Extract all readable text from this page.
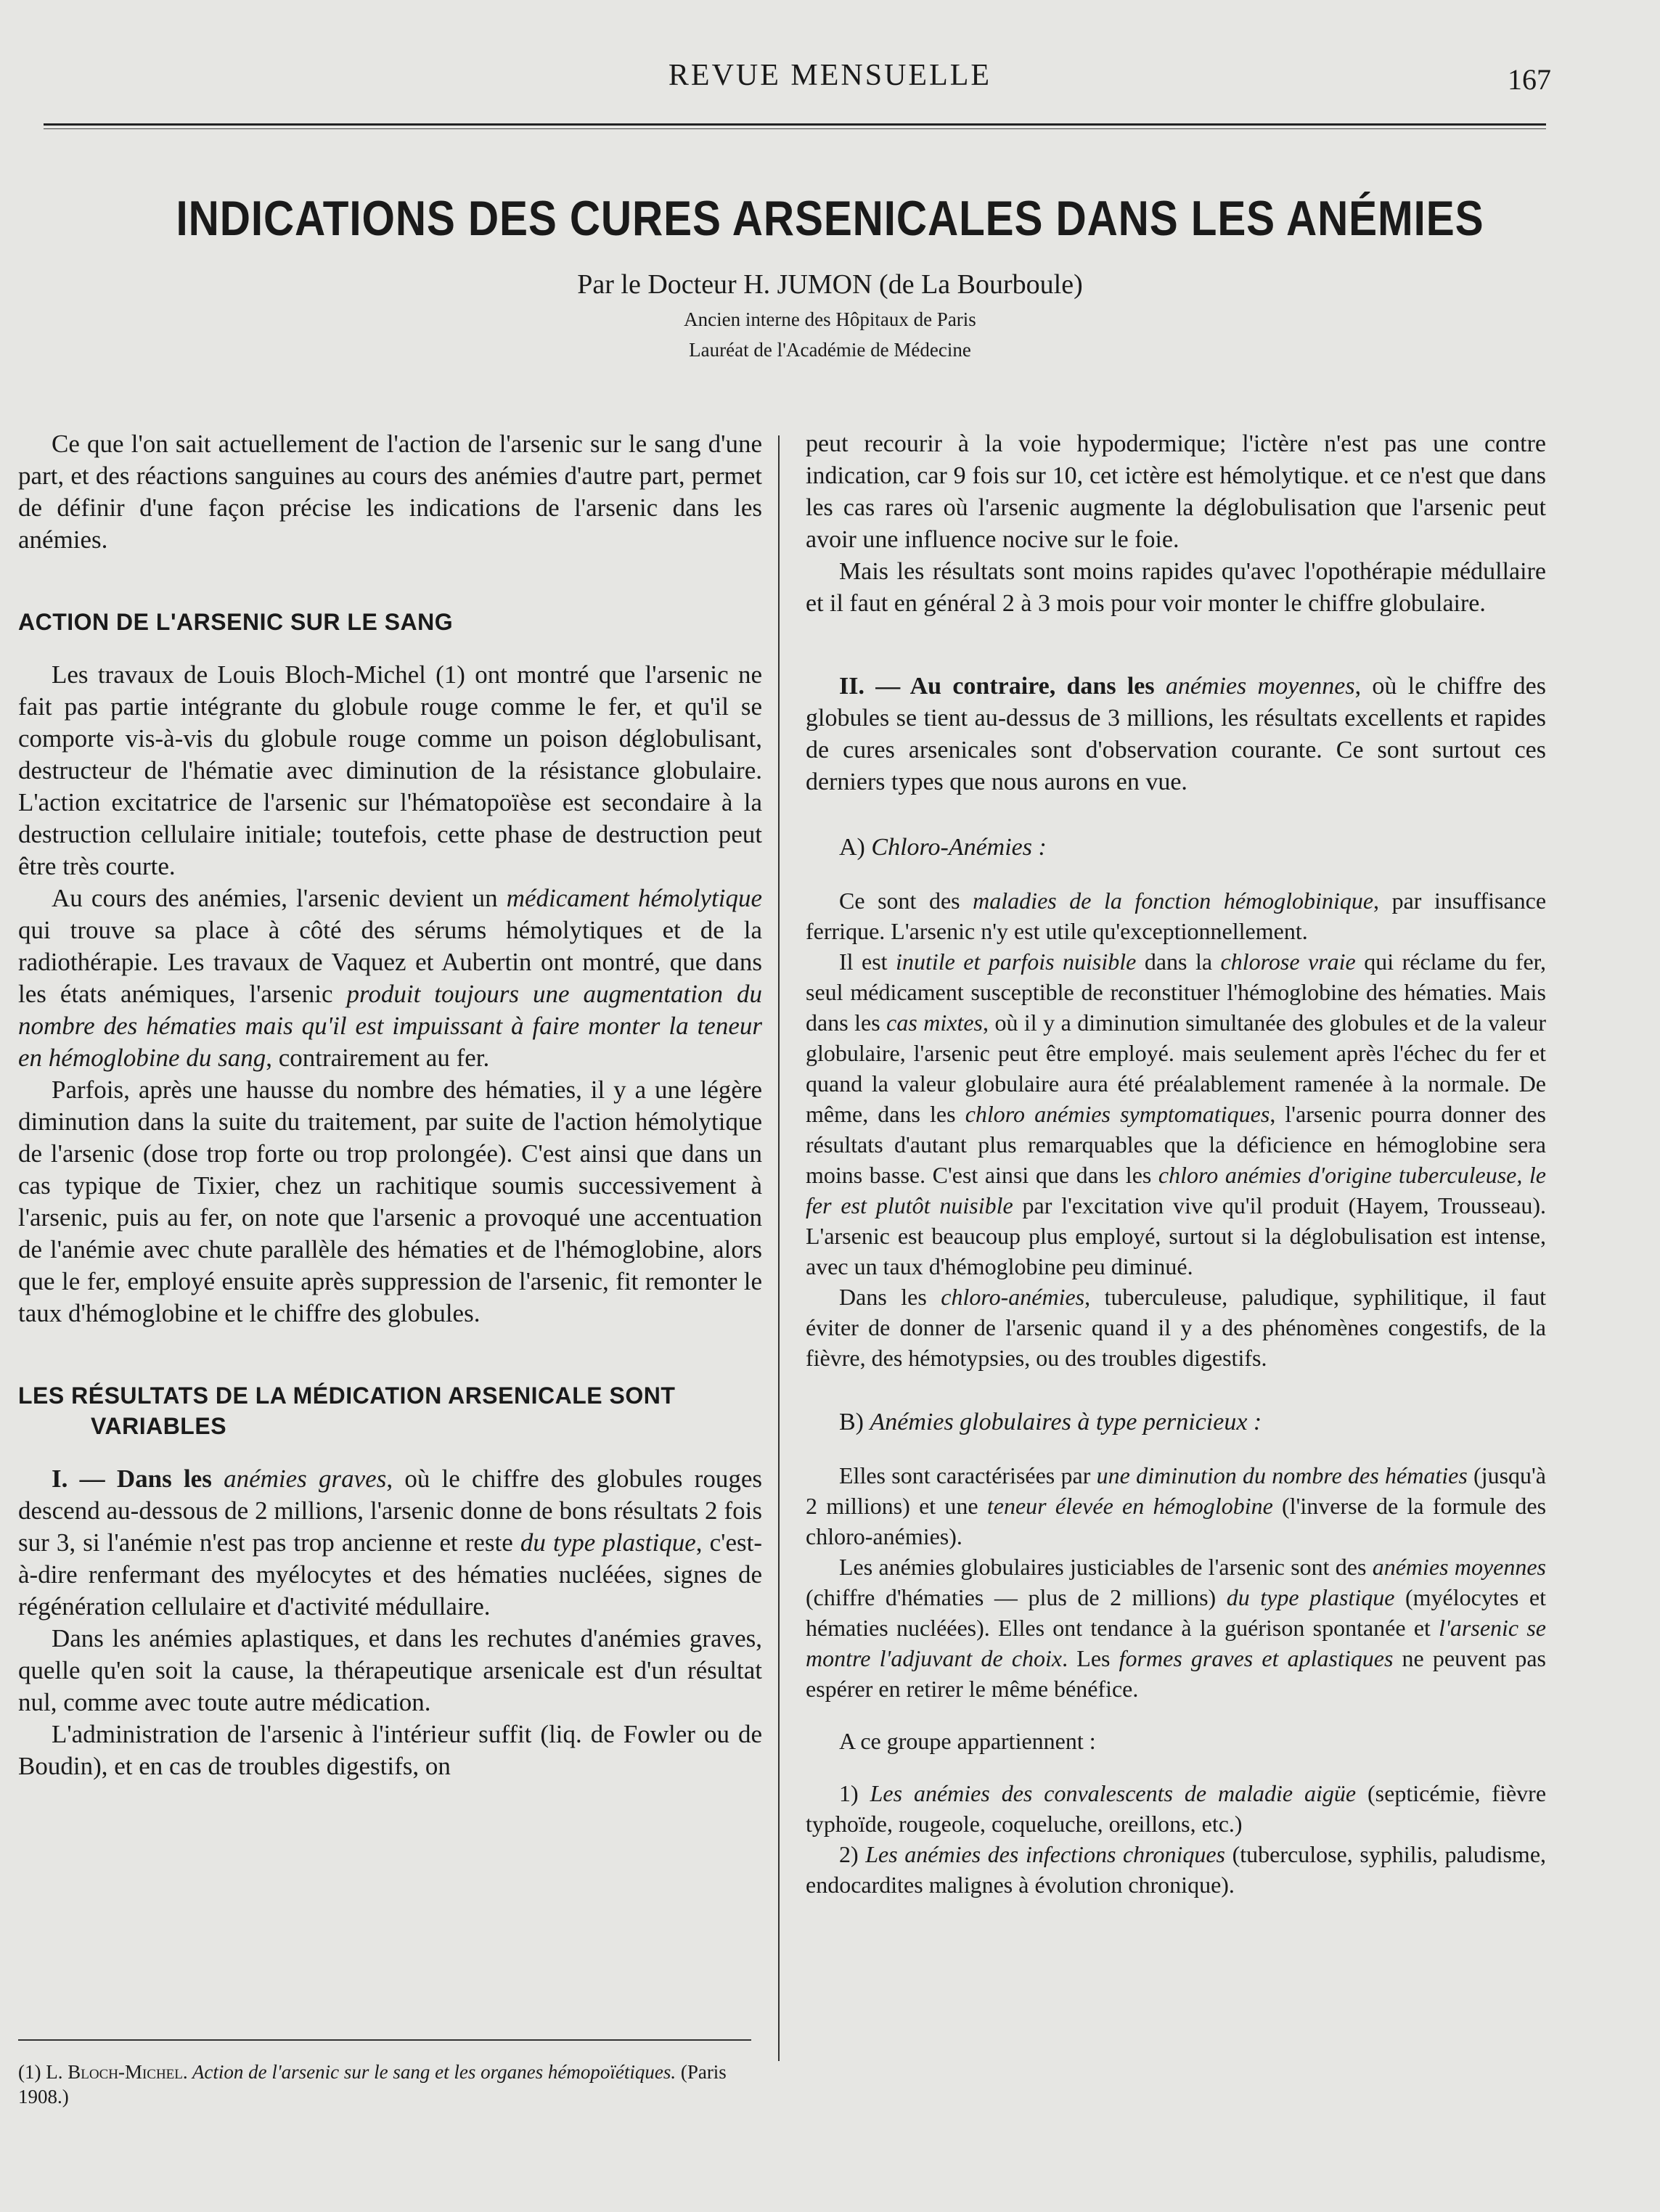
REVUE MENSUELLE	167
INDICATIONS DES CURES ARSENICALES DANS LES ANÉMIES
Par le Docteur H. JUMON (de La Bourboule)
Ancien interne des Hôpitaux de Paris
Lauréat de l'Académie de Médecine

Ce que l'on sait actuellement de l'action de l'arsenic sur le sang d'une part, et des réactions sanguines au cours des anémies d'autre part, permet de définir d'une façon précise les indications de l'arsenic dans les anémies.

ACTION DE L'ARSENIC SUR LE SANG

Les travaux de Louis Bloch-Michel (1) ont montré que l'arsenic ne fait pas partie intégrante du globule rouge comme le fer, et qu'il se comporte vis-à-vis du globule rouge comme un poison déglobulisant, destructeur de l'hématie avec diminution de la résistance globulaire. L'action excitatrice de l'arsenic sur l'hématopoïèse est secondaire à la destruction cellulaire initiale; toutefois, cette phase de destruction peut être très courte.

Au cours des anémies, l'arsenic devient un médicament hémolytique qui trouve sa place à côté des sérums hémolytiques et de la radiothérapie. Les travaux de Vaquez et Aubertin ont montré, que dans les états anémiques, l'arsenic produit toujours une augmentation du nombre des hématies mais qu'il est impuissant à faire monter la teneur en hémoglobine du sang, contrairement au fer.

Parfois, après une hausse du nombre des hématies, il y a une légère diminution dans la suite du traitement, par suite de l'action hémolytique de l'arsenic (dose trop forte ou trop prolongée). C'est ainsi que dans un cas typique de Tixier, chez un rachitique soumis successivement à l'arsenic, puis au fer, on note que l'arsenic a provoqué une accentuation de l'anémie avec chute parallèle des hématies et de l'hémoglobine, alors que le fer, employé ensuite après suppression de l'arsenic, fit remonter le taux d'hémoglobine et le chiffre des globules.

LES RÉSULTATS DE LA MÉDICATION ARSENICALE SONT
VARIABLES

I. — Dans les anémies graves, où le chiffre des globules rouges descend au-dessous de 2 millions, l'arsenic donne de bons résultats 2 fois sur 3, si l'anémie n'est pas trop ancienne et reste du type plastique, c'est-à-dire renfermant des myélocytes et des hématies nucléées, signes de régénération cellulaire et d'activité médullaire.

Dans les anémies aplastiques, et dans les rechutes d'anémies graves, quelle qu'en soit la cause, la thérapeutique arsenicale est d'un résultat nul, comme avec toute autre médication.

L'administration de l'arsenic à l'intérieur suffit (liq. de Fowler ou de Boudin), et en cas de troubles digestifs, on

(1) L. Bloch-Michel. Action de l'arsenic sur le sang et les organes hémopoïétiques. (Paris 1908.)

peut recourir à la voie hypodermique; l'ictère n'est pas une contre indication, car 9 fois sur 10, cet ictère est hémolytique. et ce n'est que dans les cas rares où l'arsenic augmente la déglobulisation que l'arsenic peut avoir une influence nocive sur le foie.

Mais les résultats sont moins rapides qu'avec l'opothérapie médullaire et il faut en général 2 à 3 mois pour voir monter le chiffre globulaire.

II. — Au contraire, dans les anémies moyennes, où le chiffre des globules se tient au-dessus de 3 millions, les résultats excellents et rapides de cures arsenicales sont d'observation courante. Ce sont surtout ces derniers types que nous aurons en vue.

A) Chloro-Anémies :

Ce sont des maladies de la fonction hémoglobinique, par insuffisance ferrique. L'arsenic n'y est utile qu'exceptionnellement.

Il est inutile et parfois nuisible dans la chlorose vraie qui réclame du fer, seul médicament susceptible de reconstituer l'hémoglobine des hématies. Mais dans les cas mixtes, où il y a diminution simultanée des globules et de la valeur globulaire, l'arsenic peut être employé. mais seulement après l'échec du fer et quand la valeur globulaire aura été préalablement ramenée à la normale. De même, dans les chloro anémies symptomatiques, l'arsenic pourra donner des résultats d'autant plus remarquables que la déficience en hémoglobine sera moins basse. C'est ainsi que dans les chloro anémies d'origine tuberculeuse, le fer est plutôt nuisible par l'excitation vive qu'il produit (Hayem, Trousseau). L'arsenic est beaucoup plus employé, surtout si la déglobulisation est intense, avec un taux d'hémoglobine peu diminué.

Dans les chloro-anémies, tuberculeuse, paludique, syphilitique, il faut éviter de donner de l'arsenic quand il y a des phénomènes congestifs, de la fièvre, des hémotypsies, ou des troubles digestifs.

B) Anémies globulaires à type pernicieux :

Elles sont caractérisées par une diminution du nombre des hématies (jusqu'à 2 millions) et une teneur élevée en hémoglobine (l'inverse de la formule des chloro-anémies).

Les anémies globulaires justiciables de l'arsenic sont des anémies moyennes (chiffre d'hématies — plus de 2 millions) du type plastique (myélocytes et hématies nucléées). Elles ont tendance à la guérison spontanée et l'arsenic se montre l'adjuvant de choix. Les formes graves et aplastiques ne peuvent pas espérer en retirer le même bénéfice.

A ce groupe appartiennent :

1) Les anémies des convalescents de maladie aigüe (septicémie, fièvre typhoïde, rougeole, coqueluche, oreillons, etc.)

2) Les anémies des infections chroniques (tuberculose, syphilis, paludisme, endocardites malignes à évolution chronique).
